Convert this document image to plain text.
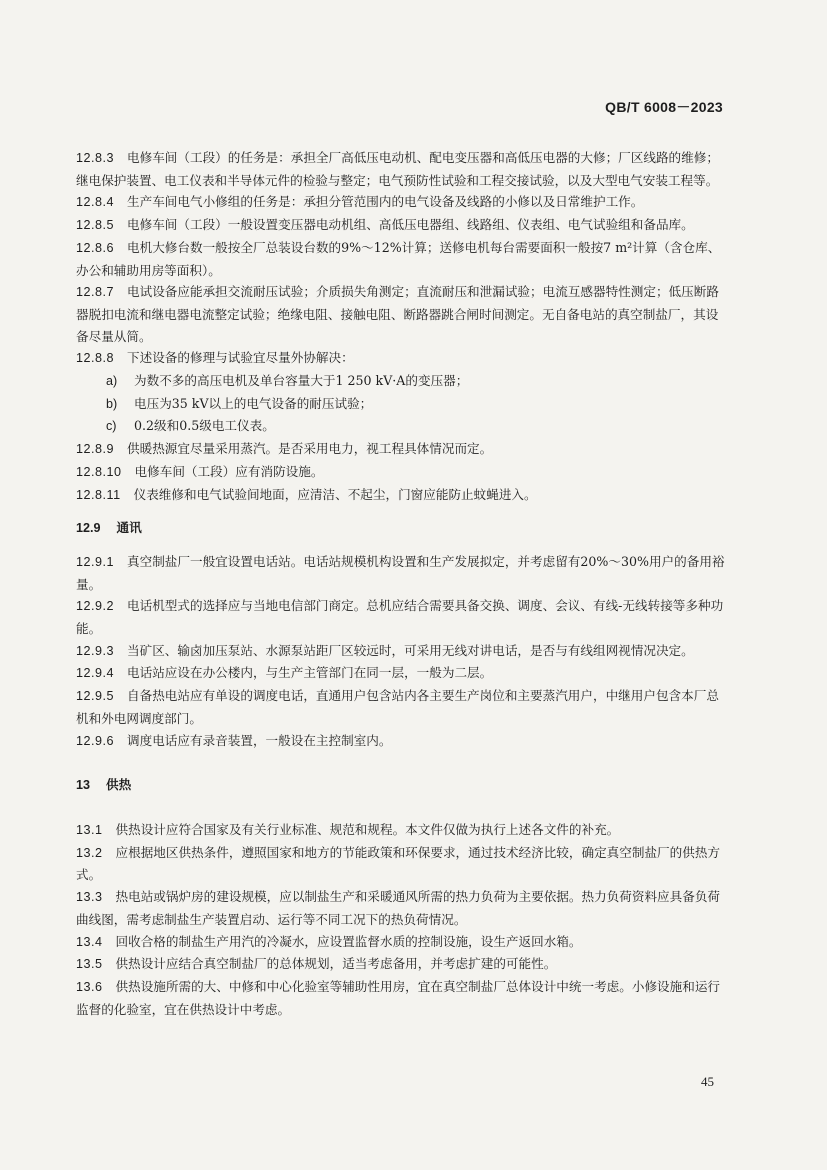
QB/T 6008－2023

12.8.3 电修车间（工段）的任务是：承担全厂高低压电动机、配电变压器和高低压电器的大修；厂区线路的维修；继电保护装置、电工仪表和半导体元件的检验与整定；电气预防性试验和工程交接试验，以及大型电气安装工程等。

12.8.4 生产车间电气小修组的任务是：承担分管范围内的电气设备及线路的小修以及日常维护工作。

12.8.5 电修车间（工段）一般设置变压器电动机组、高低压电器组、线路组、仪表组、电气试验组和备品库。

12.8.6 电机大修台数一般按全厂总装设台数的9%～12%计算；送修电机每台需要面积一般按7 m²计算（含仓库、办公和辅助用房等面积）。

12.8.7 电试设备应能承担交流耐压试验；介质损失角测定；直流耐压和泄漏试验；电流互感器特性测定；低压断路器脱扣电流和继电器电流整定试验；绝缘电阻、接触电阻、断路器跳合闸时间测定。无自备电站的真空制盐厂，其设备尽量从简。

12.8.8 下述设备的修理与试验宜尽量外协解决：

a) 为数不多的高压电机及单台容量大于1 250 kV·A的变压器；

b) 电压为35 kV以上的电气设备的耐压试验；

c) 0.2级和0.5级电工仪表。

12.8.9 供暖热源宜尽量采用蒸汽。是否采用电力，视工程具体情况而定。

12.8.10 电修车间（工段）应有消防设施。

12.8.11 仪表维修和电气试验间地面，应清洁、不起尘，门窗应能防止蚊蝇进入。

12.9 通讯

12.9.1 真空制盐厂一般宜设置电话站。电话站规模机构设置和生产发展拟定，并考虑留有20%～30%用户的备用裕量。

12.9.2 电话机型式的选择应与当地电信部门商定。总机应结合需要具备交换、调度、会议、有线-无线转接等多种功能。

12.9.3 当矿区、输卤加压泵站、水源泵站距厂区较远时，可采用无线对讲电话，是否与有线组网视情况决定。

12.9.4 电话站应设在办公楼内，与生产主管部门在同一层，一般为二层。

12.9.5 自备热电站应有单设的调度电话，直通用户包含站内各主要生产岗位和主要蒸汽用户，中继用户包含本厂总机和外电网调度部门。

12.9.6 调度电话应有录音装置，一般设在主控制室内。

13 供热

13.1 供热设计应符合国家及有关行业标准、规范和规程。本文件仅做为执行上述各文件的补充。

13.2 应根据地区供热条件，遵照国家和地方的节能政策和环保要求，通过技术经济比较，确定真空制盐厂的供热方式。

13.3 热电站或锅炉房的建设规模，应以制盐生产和采暖通风所需的热力负荷为主要依据。热力负荷资料应具备负荷曲线图，需考虑制盐生产装置启动、运行等不同工况下的热负荷情况。

13.4 回收合格的制盐生产用汽的冷凝水，应设置监督水质的控制设施，设生产返回水箱。

13.5 供热设计应结合真空制盐厂的总体规划，适当考虑备用，并考虑扩建的可能性。

13.6 供热设施所需的大、中修和中心化验室等辅助性用房，宜在真空制盐厂总体设计中统一考虑。小修设施和运行监督的化验室，宜在供热设计中考虑。

45
